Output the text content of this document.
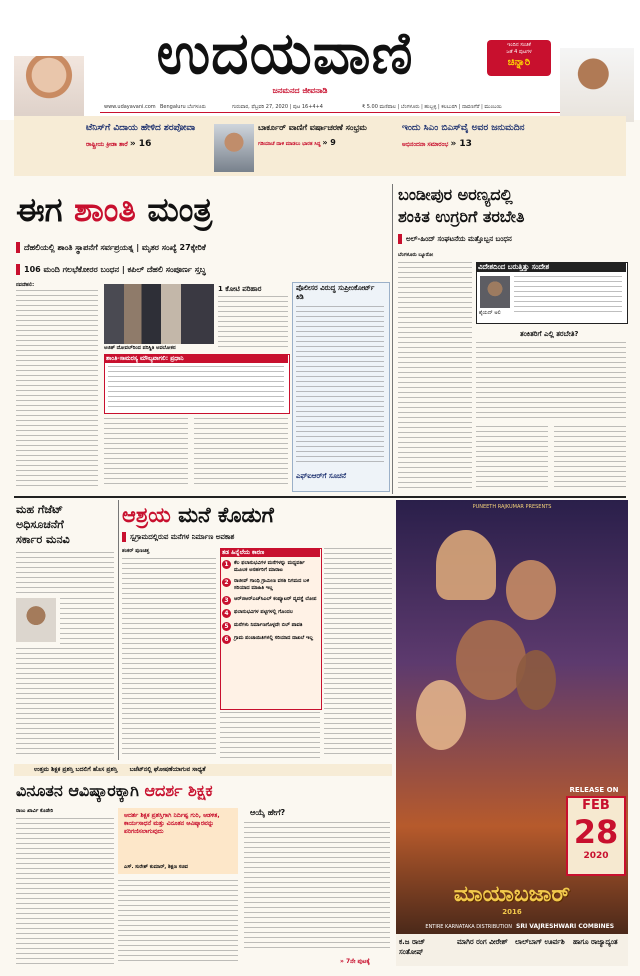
ಉದಯವಾಣಿ
ಜನಮನದ ಜೀವನಾಡಿ
ಇಂದಿನ ಸಂಚಿಕೆ
ಜತೆ 4 ಪುಟಗಳ
ಚಿನ್ನಾರಿ
www.udayavani.com Bengaluru ಬೆಂಗಳೂರು	ಗುರುವಾರ, ಫೆಬ್ರವರಿ 27, 2020 | ಪುಟ 16+4+4	₹ 5.00 ಮಣಿಪಾಲ | ಬೆಂಗಳೂರು | ಹುಬ್ಬಳ್ಳಿ | ಕಲಬುರಗಿ | ದಾವಣಗೆರೆ | ಮುಂಬಯಿ
ಟೆನಿಸ್‌ಗೆ ವಿದಾಯ ಹೇಳಿದ ಶರಪೋವಾ
ರಾಷ್ಟ್ರೀಯ ಕ್ರೀಡಾ ತಾರೆ » 16
ಬಾರ್ಕೂರ್ ವಾಣಿಗೆ ವರ್ಷಾಚರಣೆ ಸಂಭ್ರಮ
ಗಡಿಯಾಚೆ ದಾಳಿ ಮಾಡಲು ಭಾರತ ಸಿದ್ಧ » 9
ಇಂದು ಸಿಎಂ ಬಿಎಸ್‌ವೈ ಅವರ ಜನುಮದಿನ
ಅಭಿನಂದನಾ ಸಮಾರಂಭ » 13
ಈಗ ಶಾಂತಿ ಮಂತ್ರ
ದೆಹಲಿಯಲ್ಲಿ ಶಾಂತಿ ಸ್ಥಾಪನೆಗೆ ಸರ್ವಪ್ರಯತ್ನ | ಮೃತರ ಸಂಖ್ಯೆ 27ಕ್ಕೇರಿಕೆ
106 ಮಂದಿ ಗಲಭೆಕೋರರ ಬಂಧನ | ಕಪಿಲ್ ದೆಹಲಿ ಸಂಪೂರ್ಣ ಸ್ತಬ್ಧ
ನವದೆಹಲಿ:
ಅಜಿತ್ ದೋವಲ್‌ರಿಂದ ಪರಿಸ್ಥಿತಿ ಅವಲೋಕನ
1 ಕೋಟಿ ಪರಿಹಾರ	ಪೊಲೀಸರ ವಿರುದ್ಧ ಸುಪ್ರೀಂಕೋರ್ಟ್ ಕಿಡಿ
ಎಫ್‌ಐಆರ್‌ಗೆ ಸೂಚನೆ
ಶಾಂತಿ-ಸಾಮರಸ್ಯ ಮೌಲ್ಯವಾಗಲಿ: ಪ್ರಧಾನಿ
ಬಂಡೀಪುರ ಅರಣ್ಯದಲ್ಲಿ
ಶಂಕಿತ ಉಗ್ರರಿಗೆ ತರಬೇತಿ
ಅಲ್-ಹಿಂದ್ ಸಂಘಟನೆಯ ಮತ್ತೊಬ್ಬನ ಬಂಧನ
ಬೆಂಗಳೂರು ಬ್ಯೂರೋ
ವಿದೇಶದಿಂದ ಬರುತ್ತಿತ್ತು ಸಂದೇಶ
ಶೈಯದ್ ಅಲಿ
ತಂಕಿತರಿಗೆ ಎಲ್ಲಿ ತರಬೇತಿ?
ಮಹ ಗೆಜೆಟ್
ಅಧಿಸೂಚನೆಗೆ
ಸರ್ಕಾರ ಮನವಿ
ಆಶ್ರಯ ಮನೆ ಕೊಡುಗೆ
ಸ್ವಗ್ರಾಮದಲ್ಲಿರುವ ಮನೆಗಳ ನಿರ್ಮಾಣ ಅವಕಾಶ
ಶಂಕರ್ ಪುಣಚಿತ್ತ	ತಡ ಹಿನ್ನೆಲೆಯ ಕಾರಣ
1	ಕೆಲ ಫಲಾನುಭವಿಗಳ ಮನೆಗಳನ್ನು ಮಧ್ಯವರ್ತಿ ಮೂಲಕ ಅನರ್ಹರಿಗೆ ಮಾರಾಟ
2	ರಾಜೀವ್ ಗಾಂಧಿ ಗ್ರಾಮೀಣ ವಸತಿ ನಿಗಮದ ಬಳಿ ಸರಿಯಾದ ಮಾಹಿತಿ ಇಲ್ಲ
3	ಆರ್‌ಜಿಆರ್‌ಎಚ್‌ಸಿಎಲ್ ಕಂಪ್ಯೂಟರ್ ವ್ಯವಸ್ಥೆ ಲೋಪ
4	ಫಲಾನುಭವಿಗಳ ಪಟ್ಟಿಗಳಲ್ಲಿ ಗೊಂದಲ
5	ಮನೆಗಳು ನಿರ್ಮಾಣಗೊಳ್ಳದೇ ಬಿಲ್ ಪಾವತಿ
6	ಗ್ರಾಮ ಪಂಚಾಯಿತಿಗಳಲ್ಲಿ ಸರಿಯಾದ ದಾಖಲೆ ಇಲ್ಲ
PUNEETH RAJKUMAR PRESENTS
RELEASE ON
FEB
28
2020
ಮಾಯಾಬಜಾರ್
2016
ENTIRE KARNATAKA DISTRIBUTION SRI VAJRESHWARI COMBINES
ಕ.ಜ ರಾಜ್ ಸಂತೋಷ್
ಮಾಗಿರ ರಂಗ ವೀರೇಶ್	ಲಾಲ್‌ಬಾಗ್ ಊರ್ವಶಿ	ಹಾಗೂ ರಾಜ್ಯಾದ್ಯಂತ
ಉತ್ತಮ ಶಿಕ್ಷಕ ಪ್ರಶಸ್ತಿ ಬದಲಿಗೆ ಹೊಸ ಪ್ರಶಸ್ತಿ ಬಜೆಟ್‌ನಲ್ಲಿ ಘೋಷಣೆಯಾಗುವ ಸಾಧ್ಯತೆ
ವಿನೂತನ ಆವಿಷ್ಕಾರಕ್ಕಾಗಿ ಆದರ್ಶ ಶಿಕ್ಷಕ
ರಾಜು ಖಾರ್ವಿ ಕೊಡೇರಿ
ಆದರ್ಶ ಶಿಕ್ಷಕ ಪ್ರಶಸ್ತಿಗಾಗಿ ನಿರ್ದಿಷ್ಟ ಗುರಿ, ಆಡಳಿತ, ಕಾರ್ಯಸಾಧನೆ ಮತ್ತು ವಿನೂತನ ಆವಿಷ್ಕಾರವನ್ನು ಪರಿಗಣಿಸಲಾಗುವುದು
ಎಸ್. ಸುರೇಶ್ ಕುಮಾರ್, ಶಿಕ್ಷಣ ಸಚಿವ
ಆಯ್ಕೆ ಹೇಗೆ?
» 7ನೇ ಪುಟಕ್ಕೆ
